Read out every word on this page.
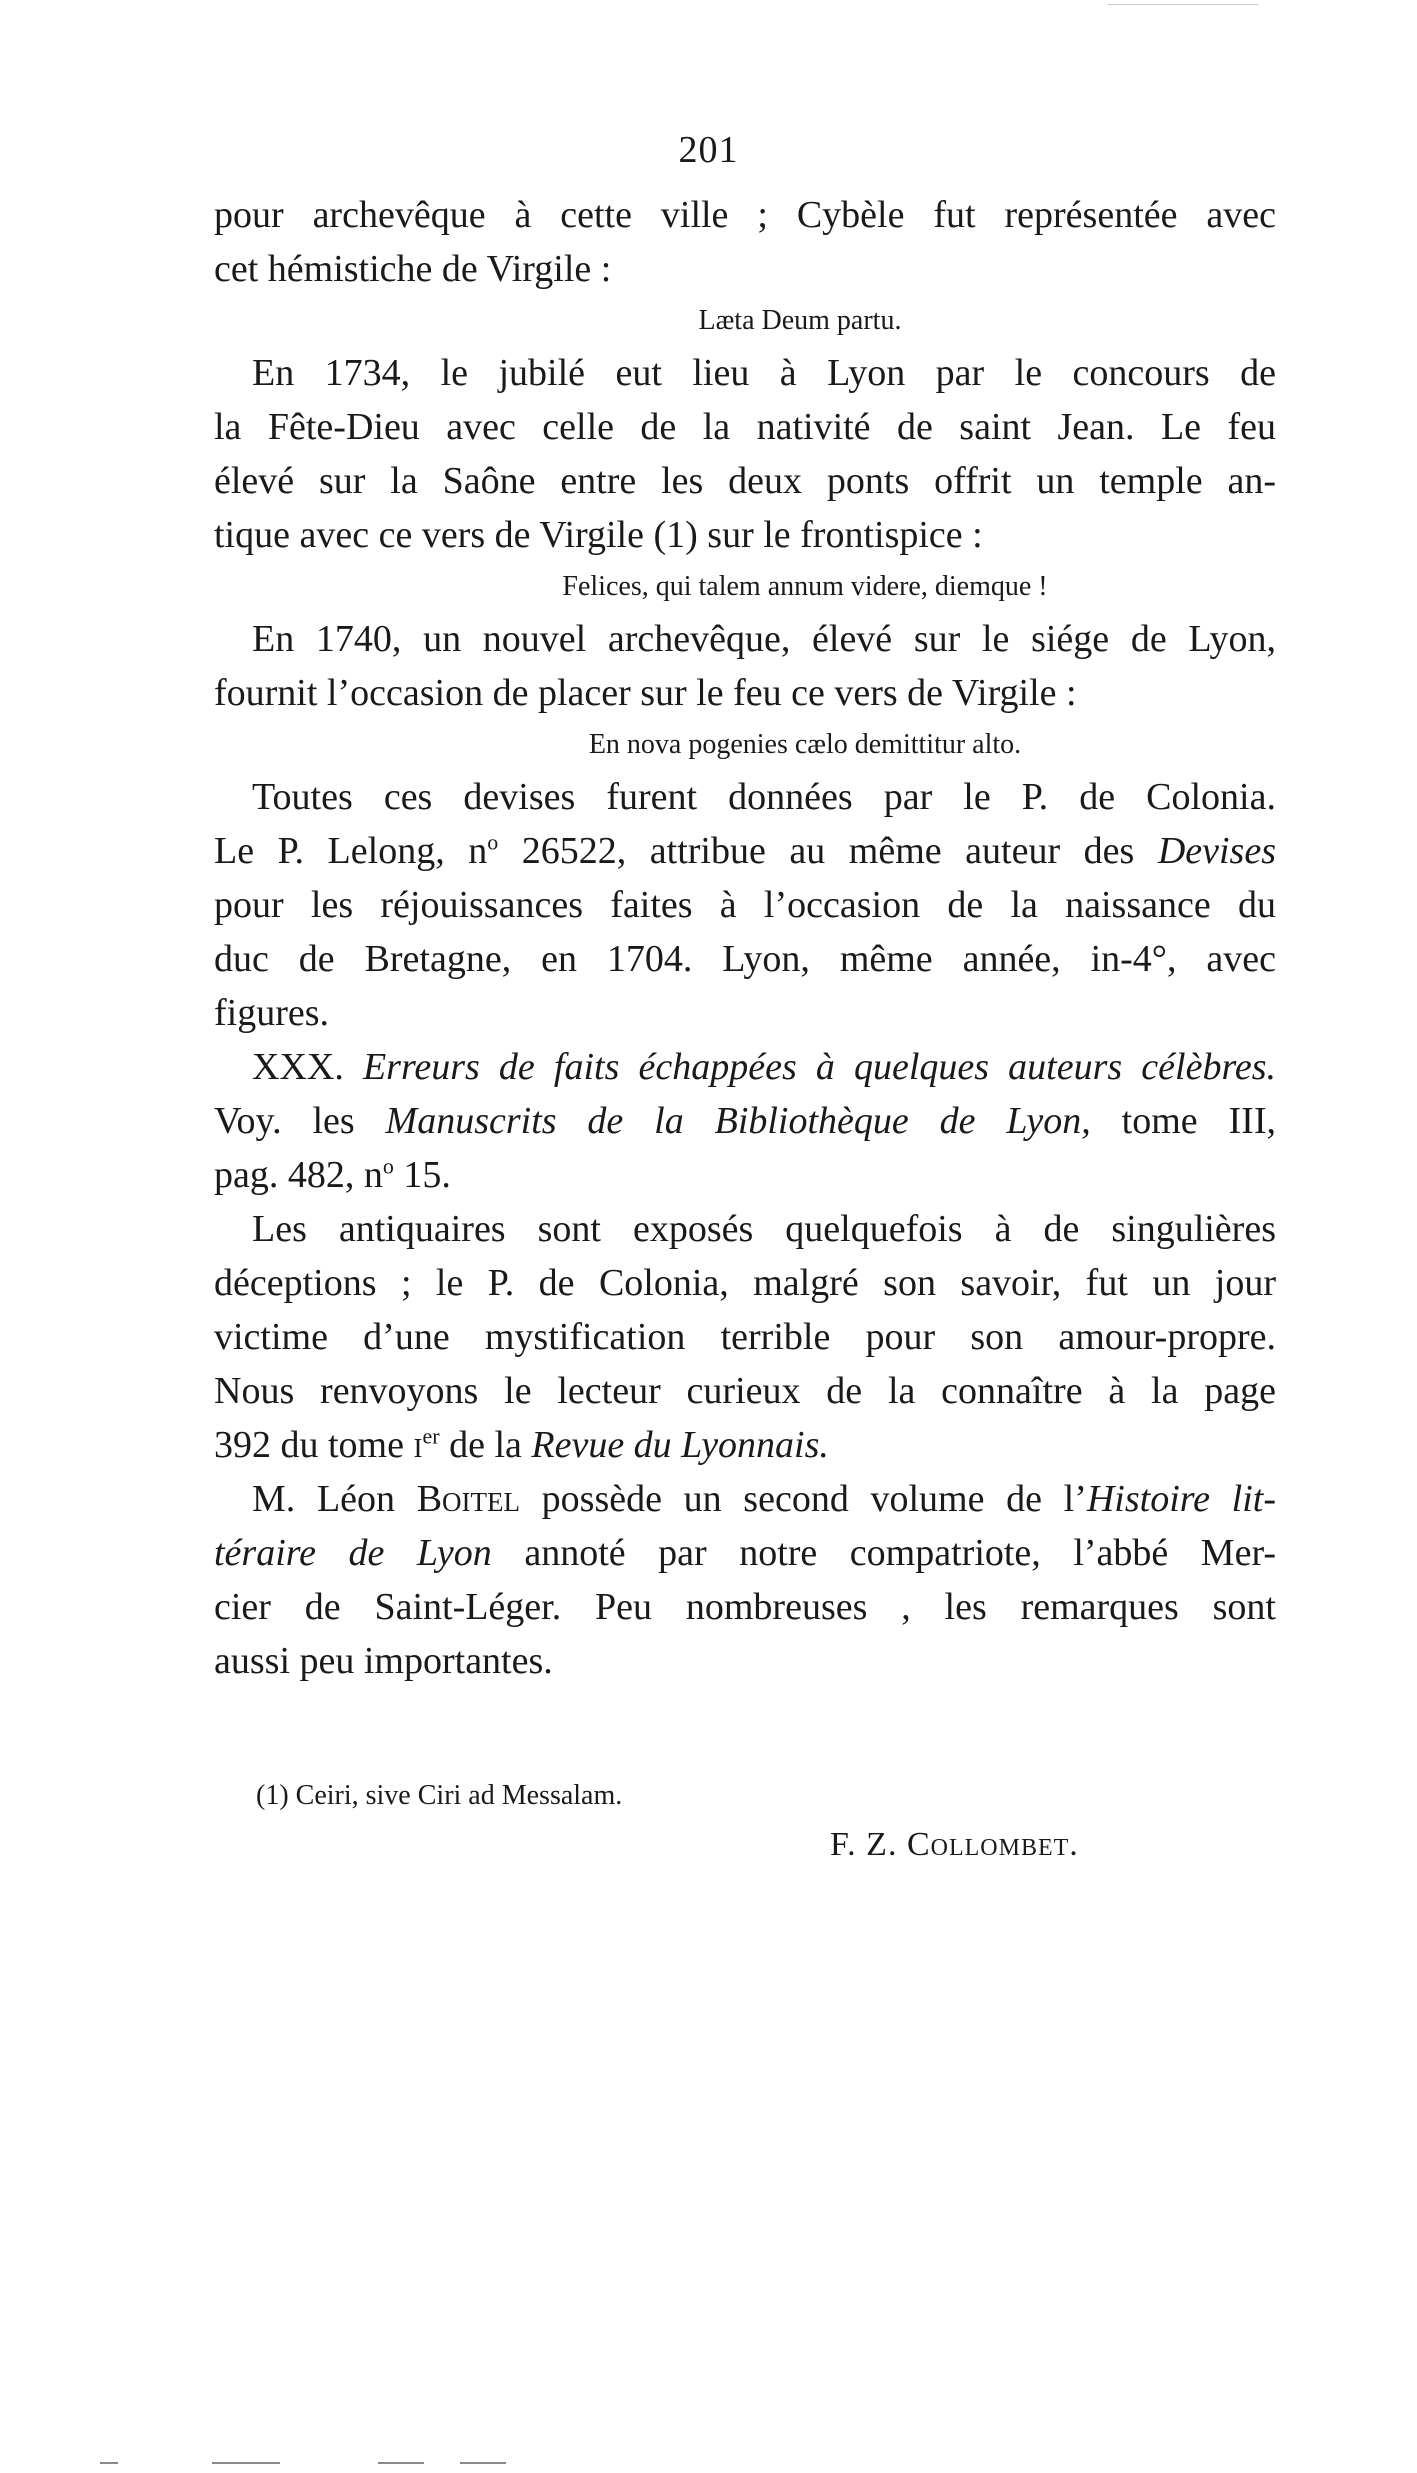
201
pour archevêque à cette ville ; Cybèle fut représentée avec
cet hémistiche de Virgile :
Læta Deum partu.
En 1734, le jubilé eut lieu à Lyon par le concours de
la Fête-Dieu avec celle de la nativité de saint Jean. Le feu
élevé sur la Saône entre les deux ponts offrit un temple an-
tique avec ce vers de Virgile (1) sur le frontispice :
Felices, qui talem annum videre, diemque !
En 1740, un nouvel archevêque, élevé sur le siége de Lyon,
fournit l’occasion de placer sur le feu ce vers de Virgile :
En nova pogenies cælo demittitur alto.
Toutes ces devises furent données par le P. de Colonia.
Le P. Lelong, $n^o$ 26522, attribue au même auteur des Devises
pour les réjouissances faites à l’occasion de la naissance du
duc de Bretagne, en 1704. Lyon, même année, in-4°, avec
figures.
XXX. Erreurs de faits échappées à quelques auteurs célèbres.
Voy. les Manuscrits de la Bibliothèque de Lyon, tome III,
pag. 482, $n^o$ 15.
Les antiquaires sont exposés quelquefois à de singulières
déceptions ; le P. de Colonia, malgré son savoir, fut un jour
victime d’une mystification terrible pour son amour-propre.
Nous renvoyons le lecteur curieux de la connaître à la page
392 du tome $i^{er}$ de la Revue du Lyonnais.
M. Léon Boitel possède un second volume de l’Histoire lit-
téraire de Lyon annoté par notre compatriote, l’abbé Mer-
cier de Saint-Léger. Peu nombreuses , les remarques sont
aussi peu importantes.
(1) Ceiri, sive Ciri ad Messalam.
F. Z. Collombet.
